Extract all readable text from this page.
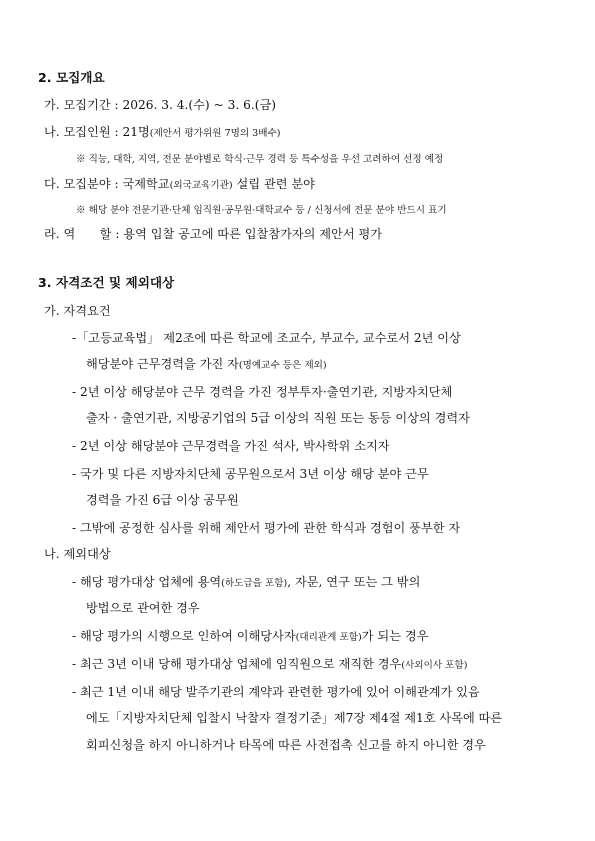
2. 모집개요
가. 모집기간 : 2026. 3. 4.(수) ~ 3. 6.(금)
나. 모집인원 : 21명(제안서 평가위원 7명의 3배수)
※ 직능, 대학, 지역, 전문 분야별로 학식·근무 경력 등 특수성을 우선 고려하여 선정 예정
다. 모집분야 : 국제학교(외국교육기관) 설립 관련 분야
※ 해당 분야 전문기관·단체 임직원·공무원·대학교수 등 / 신청서에 전문 분야 반드시 표기
라. 역　　할 : 용역 입찰 공고에 따른 입찰참가자의 제안서 평가
3. 자격조건 및 제외대상
가. 자격요건
-「고등교육법」 제2조에 따른 학교에 조교수, 부교수, 교수로서 2년 이상
해당분야 근무경력을 가진 자(명예교수 등은 제외)
- 2년 이상 해당분야 근무 경력을 가진 정부투자·출연기관, 지방자치단체
출자 · 출연기관, 지방공기업의 5급 이상의 직원 또는 동등 이상의 경력자
- 2년 이상 해당분야 근무경력을 가진 석사, 박사학위 소지자
- 국가 및 다른 지방자치단체 공무원으로서 3년 이상 해당 분야 근무
경력을 가진 6급 이상 공무원
- 그밖에 공정한 심사를 위해 제안서 평가에 관한 학식과 경험이 풍부한 자
나. 제외대상
- 해당 평가대상 업체에 용역(하도급을 포함), 자문, 연구 또는 그 밖의
방법으로 관여한 경우
- 해당 평가의 시행으로 인하여 이해당사자(대리관계 포함)가 되는 경우
- 최근 3년 이내 당해 평가대상 업체에 임직원으로 재직한 경우(사외이사 포함)
- 최근 1년 이내 해당 발주기관의 계약과 관련한 평가에 있어 이해관계가 있음
에도「지방자치단체 입찰시 낙찰자 결정기준」제7장 제4절 제1호 사목에 따른
회피신청을 하지 아니하거나 타목에 따른 사전접촉 신고를 하지 아니한 경우
